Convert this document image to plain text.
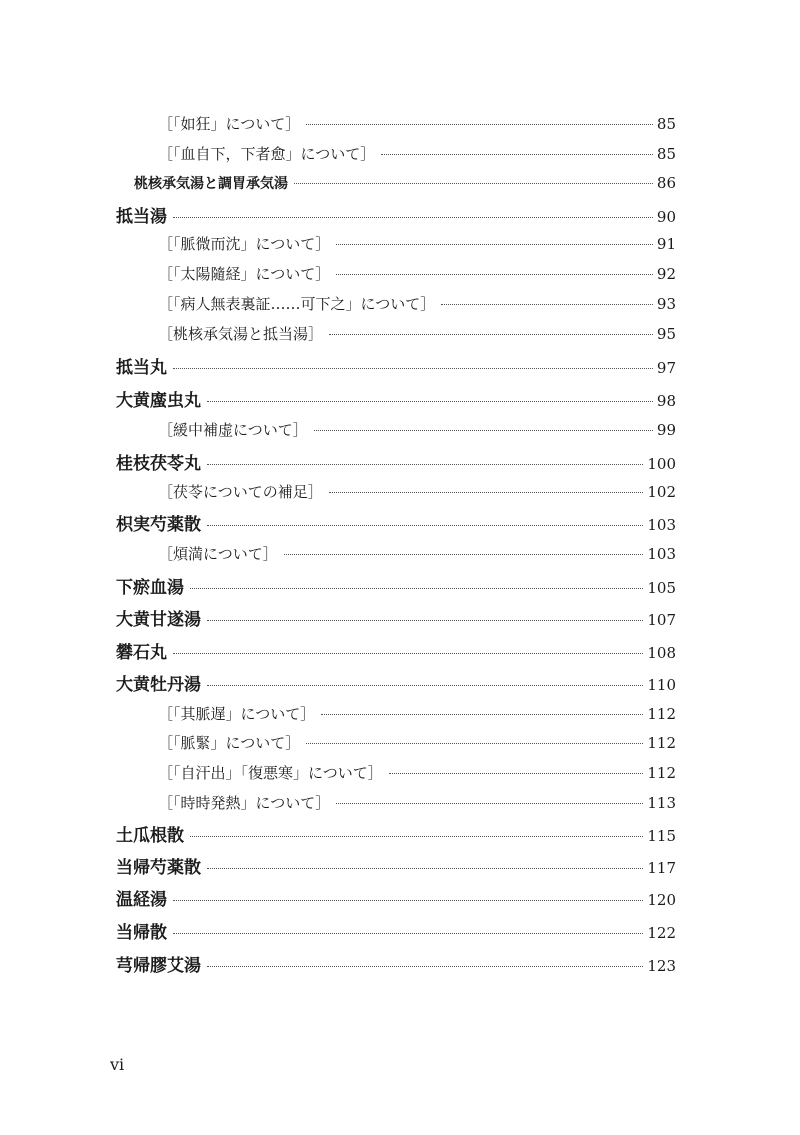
［「如狂」について］	85
［「血自下，下者愈」について］	85
桃核承気湯と調胃承気湯	86
抵当湯	90
［「脈微而沈」について］	91
［「太陽隨経」について］	92
［「病人無表裏証……可下之」について］	93
［桃核承気湯と抵当湯］	95
抵当丸	97
大黄䗪虫丸	98
［緩中補虚について］	99
桂枝茯苓丸	100
［茯苓についての補足］	102
枳実芍薬散	103
［煩満について］	103
下瘀血湯	105
大黄甘遂湯	107
礬石丸	108
大黄牡丹湯	110
［「其脈遅」について］	112
［「脈緊」について］	112
［「自汗出」「復悪寒」について］	112
［「時時発熱」について］	113
土瓜根散	115
当帰芍薬散	117
温経湯	120
当帰散	122
芎帰膠艾湯	123
vi
